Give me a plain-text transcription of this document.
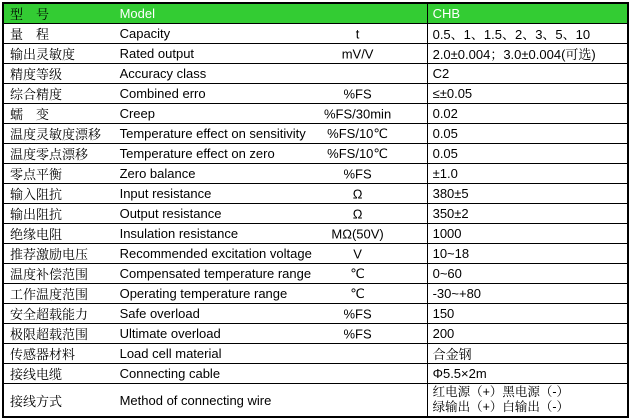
型　号	Model	CHB
量　程	Capacity t	0.5、1、1.5、2、3、5、10
输出灵敏度	Rated output mV/V	2.0±0.004；3.0±0.004(可选)
精度等级	Accuracy class	C2
综合精度	Combined erro %FS	≤±0.05
蠕　变	Creep %FS/30min	0.02
温度灵敏度漂移	Temperature effect on sensitivity %FS/10℃	0.05
温度零点漂移	Temperature effect on zero %FS/10℃	0.05
零点平衡	Zero balance %FS	±1.0
输入阻抗	Input resistance Ω	380±5
输出阻抗	Output resistance Ω	350±2
绝缘电阻	Insulation resistance MΩ(50V)	1000
推荐激励电压	Recommended excitation voltage V	10~18
温度补偿范围	Compensated temperature range ℃	0~60
工作温度范围	Operating temperature range ℃	-30~+80
安全超载能力	Safe overload %FS	150
极限超载范围	Ultimate overload %FS	200
传感器材料	Load cell material	合金钢
接线电缆	Connecting cable	Φ5.5×2m
接线方式	Method of connecting wire	红电源（+）黑电源（-）
绿输出（+）白输出（-）
